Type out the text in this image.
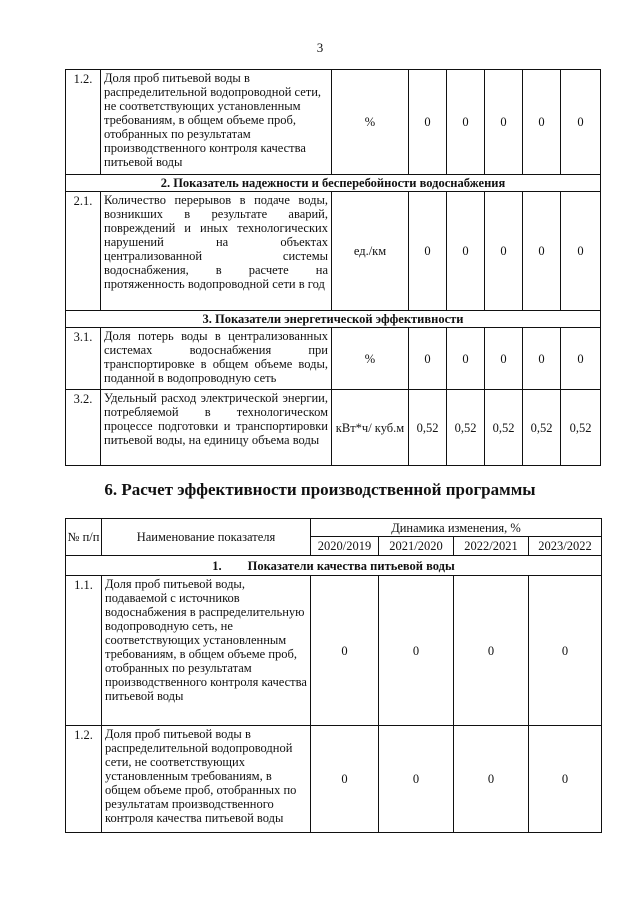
3
1.2.	Доля проб питьевой воды в распределительной водопроводной сети, не соответствующих установленным требованиям, в общем объеме проб, отобранных по результатам производственного контроля качества питьевой воды	%	0	0	0	0	0
2. Показатель надежности и бесперебойности водоснабжения							
2.1.	Количество перерывов в подаче воды, возникших в результате аварий, повреждений и иных технологических нарушений на объектах централизованной системы водоснабжения, в расчете на протяженность водопроводной сети в год	ед./км	0	0	0	0	0
3. Показатели энергетической эффективности							
3.1.	Доля потерь воды в централизованных системах водоснабжения при транспортировке в общем объеме воды, поданной в водопроводную сеть	%	0	0	0	0	0
3.2.	Удельный расход электрической энергии, потребляемой в технологическом процессе подготовки и транспортировки питьевой воды, на единицу объема воды	кВт*ч/ куб.м	0,52	0,52	0,52	0,52	0,52
6. Расчет эффективности производственной программы
№ п/п	Наименование показателя	Динамика изменения, %			
		2020/2019	2021/2020	2022/2021	2023/2022
1. Показатели качества питьевой воды					
1.1.	Доля проб питьевой воды, подаваемой с источников водоснабжения в распределительную водопроводную сеть, не соответствующих установленным требованиям, в общем объеме проб, отобранных по результатам производственного контроля качества питьевой воды	0	0	0	0
1.2.	Доля проб питьевой воды в распределительной водопроводной сети, не соответствующих установленным требованиям, в общем объеме проб, отобранных по результатам производственного контроля качества питьевой воды	0	0	0	0
